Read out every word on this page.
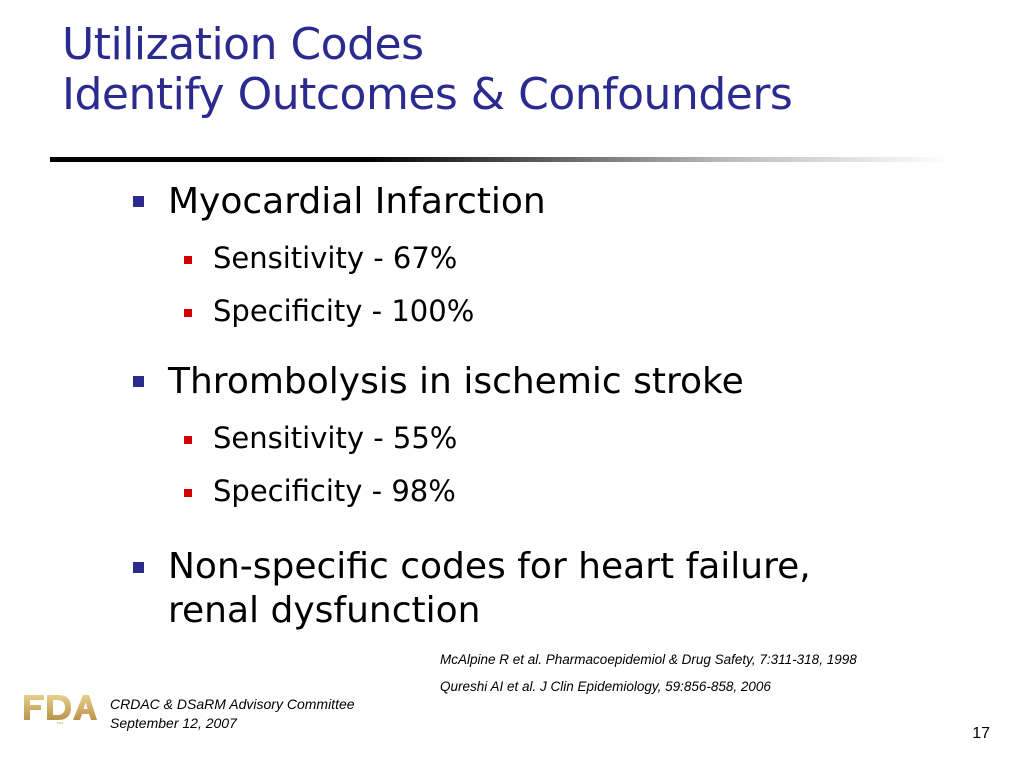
Utilization Codes
Identify Outcomes & Confounders
Myocardial Infarction
Sensitivity - 67%
Specificity - 100%
Thrombolysis in ischemic stroke
Sensitivity - 55%
Specificity - 98%
Non-specific codes for heart failure,
renal dysfunction
McAlpine R et al. Pharmacoepidemiol & Drug Safety, 7:311-318, 1998
Qureshi AI et al. J Clin Epidemiology, 59:856-858, 2006
FDA
CRDAC & DSaRM Advisory Committee
September 12, 2007
17
